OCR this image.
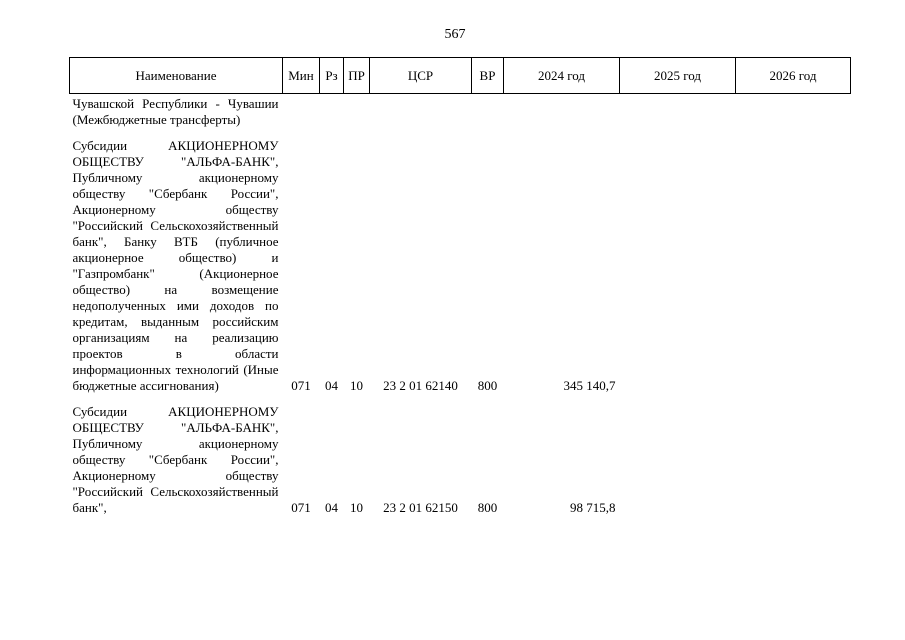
567
Наименование	Мин	Рз	ПР	ЦСР	ВР	2024 год	2025 год	2026 год
Чувашской Республики - Чувашии (Межбюджетные трансферты)								
Субсидии АКЦИОНЕРНОМУ ОБЩЕСТВУ "АЛЬФА-БАНК", Публичному акционерному обществу "Сбербанк России", Акционерному обществу "Российский Сельскохозяйственный банк", Банку ВТБ (публичное акционерное общество) и "Газпромбанк" (Акционерное общество) на возмещение недополученных ими доходов по кредитам, выданным российским организациям на реализацию проектов в области информационных технологий (Иные бюджетные ассигнования)	071	04	10	23 2 01 62140	800	345 140,7		
Субсидии АКЦИОНЕРНОМУ ОБЩЕСТВУ "АЛЬФА-БАНК", Публичному акционерному обществу "Сбербанк России", Акционерному обществу "Российский Сельскохозяйственный банк",	071	04	10	23 2 01 62150	800	98 715,8		
